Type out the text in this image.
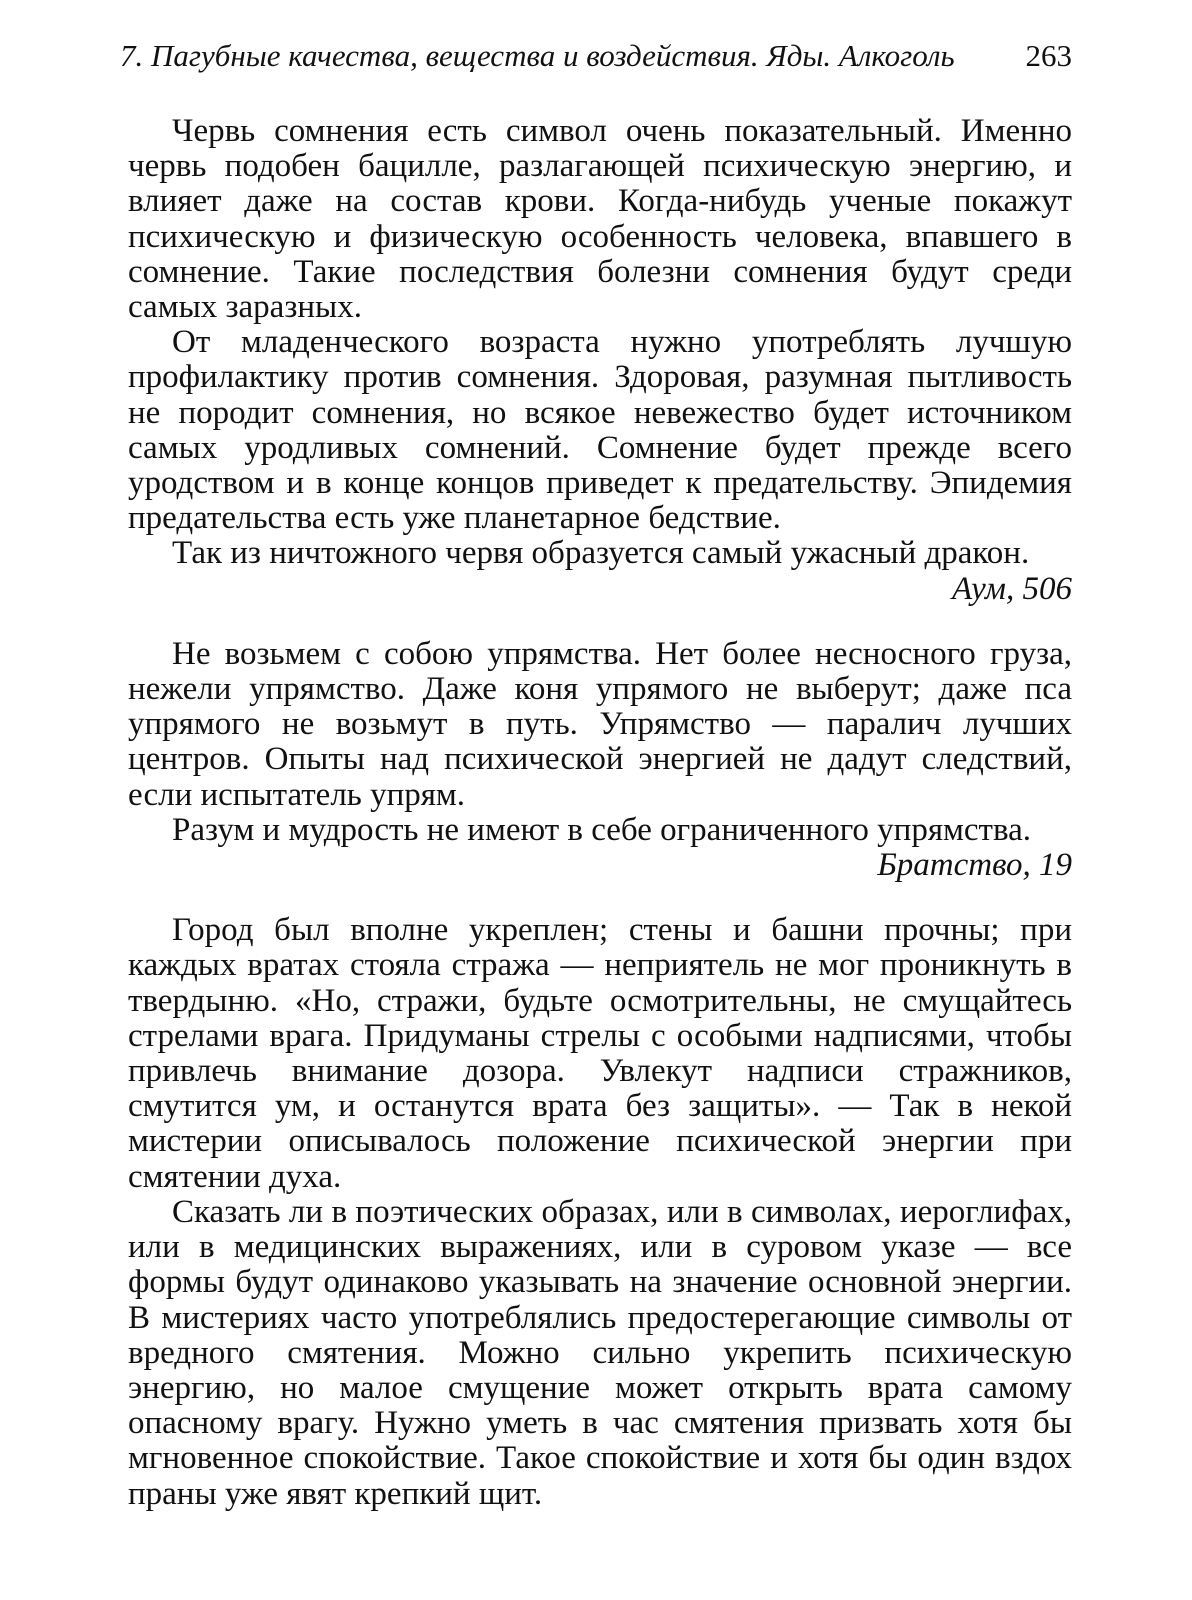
7. Пагубные качества, вещества и воздействия. Яды. Алкоголь 263

Червь сомнения есть символ очень показательный. Именно червь подобен бацилле, разлагающей психическую энергию, и влияет даже на состав крови. Когда-нибудь ученые покажут психическую и физическую особенность человека, впавшего в сомнение. Такие последствия болезни сомнения будут среди самых заразных.

От младенческого возраста нужно употреблять лучшую профилактику против сомнения. Здоровая, разумная пытливость не породит сомнения, но всякое невежество будет источником самых уродливых сомнений. Сомнение будет прежде всего уродством и в конце концов приведет к предательству. Эпидемия предательства есть уже планетарное бедствие.

Так из ничтожного червя образуется самый ужасный дракон.

Аум, 506

Не возьмем с собою упрямства. Нет более несносного груза, нежели упрямство. Даже коня упрямого не выберут; даже пса упрямого не возьмут в путь. Упрямство — паралич лучших центров. Опыты над психической энергией не дадут следствий, если испытатель упрям.

Разум и мудрость не имеют в себе ограниченного упрямства.

Братство, 19

Город был вполне укреплен; стены и башни прочны; при каждых вратах стояла стража — неприятель не мог проникнуть в твердыню. «Но, стражи, будьте осмотрительны, не смущайтесь стрелами врага. Придуманы стрелы с особыми надписями, чтобы привлечь внимание дозора. Увлекут надписи стражников, смутится ум, и останутся врата без защиты». — Так в некой мистерии описывалось положение психической энергии при смятении духа.

Сказать ли в поэтических образах, или в символах, иероглифах, или в медицинских выражениях, или в суровом указе — все формы будут одинаково указывать на значение основной энергии. В мистериях часто употреблялись предостерегающие символы от вредного смятения. Можно сильно укрепить психическую энергию, но малое смущение может открыть врата самому опасному врагу. Нужно уметь в час смятения призвать хотя бы мгновенное спокойствие. Такое спокойствие и хотя бы один вздох праны уже явят крепкий щит.
